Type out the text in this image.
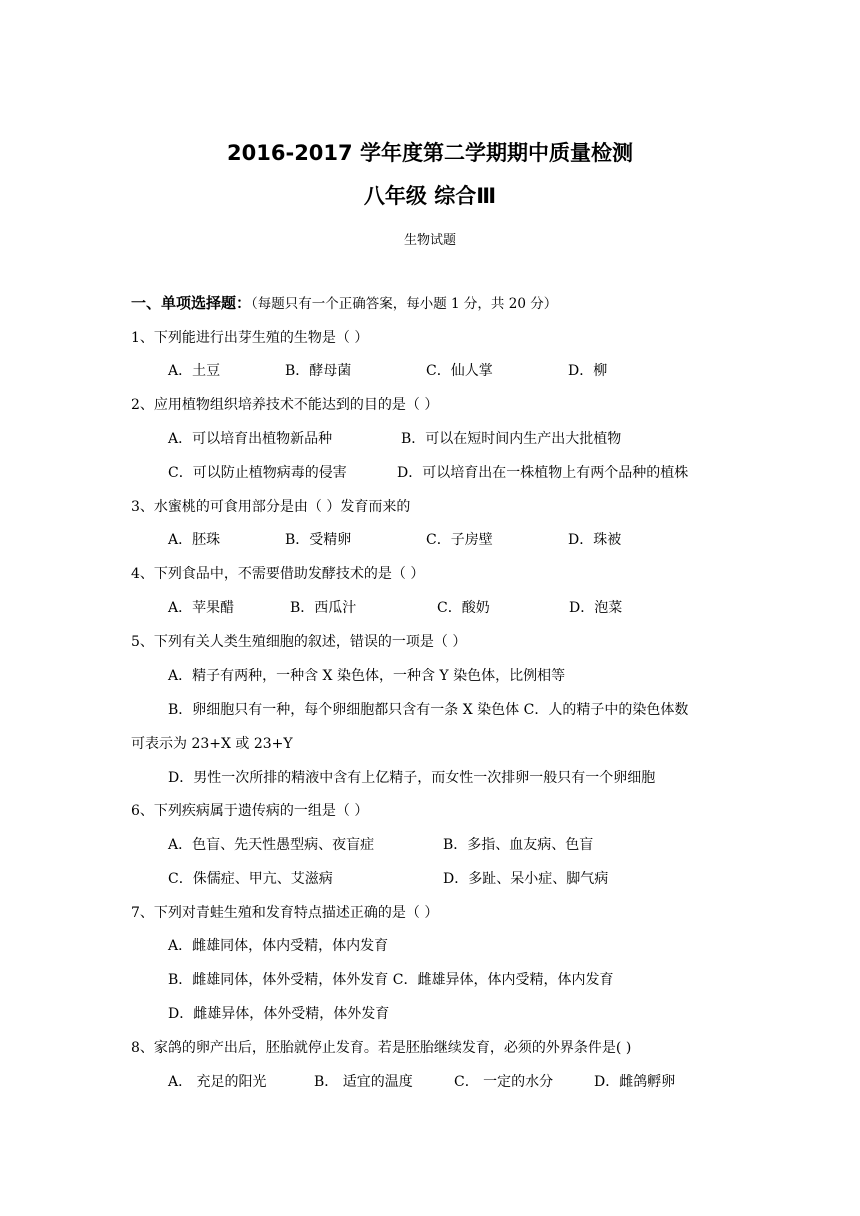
2016-2017 学年度第二学期期中质量检测
八年级 综合Ⅲ
生物试题
一、单项选择题：（每题只有一个正确答案，每小题 1 分，共 20 分）
1、下列能进行出芽生殖的生物是（ ）
A．土豆	B．酵母菌	C．仙人掌	D．柳
2、应用植物组织培养技术不能达到的目的是（ ）
A．可以培育出植物新品种	B．可以在短时间内生产出大批植物
C．可以防止植物病毒的侵害	D．可以培育出在一株植物上有两个品种的植株
3、水蜜桃的可食用部分是由（ ）发育而来的
A．胚珠	B．受精卵	C．子房壁	D．珠被
4、下列食品中，不需要借助发酵技术的是（ ）
A．苹果醋	B．西瓜汁	C．酸奶	D．泡菜
5、下列有关人类生殖细胞的叙述，错误的一项是（ ）
A．精子有两种，一种含 X 染色体，一种含 Y 染色体，比例相等
B．卵细胞只有一种，每个卵细胞都只含有一条 X 染色体 C．人的精子中的染色体数
可表示为 23+X 或 23+Y
D．男性一次所排的精液中含有上亿精子，而女性一次排卵一般只有一个卵细胞
6、下列疾病属于遗传病的一组是（ ）
A．色盲、先天性愚型病、夜盲症	B．多指、血友病、色盲
C．侏儒症、甲亢、艾滋病	D．多趾、呆小症、脚气病
7、下列对青蛙生殖和发育特点描述正确的是（ ）
A．雌雄同体，体内受精，体内发育
B．雌雄同体，体外受精，体外发育 C．雌雄异体，体内受精，体内发育
D．雌雄异体，体外受精，体外发育
8、家鸽的卵产出后，胚胎就停止发育。若是胚胎继续发育，必须的外界条件是( )
A． 充足的阳光	B． 适宜的温度	C． 一定的水分	D．雌鸽孵卵
